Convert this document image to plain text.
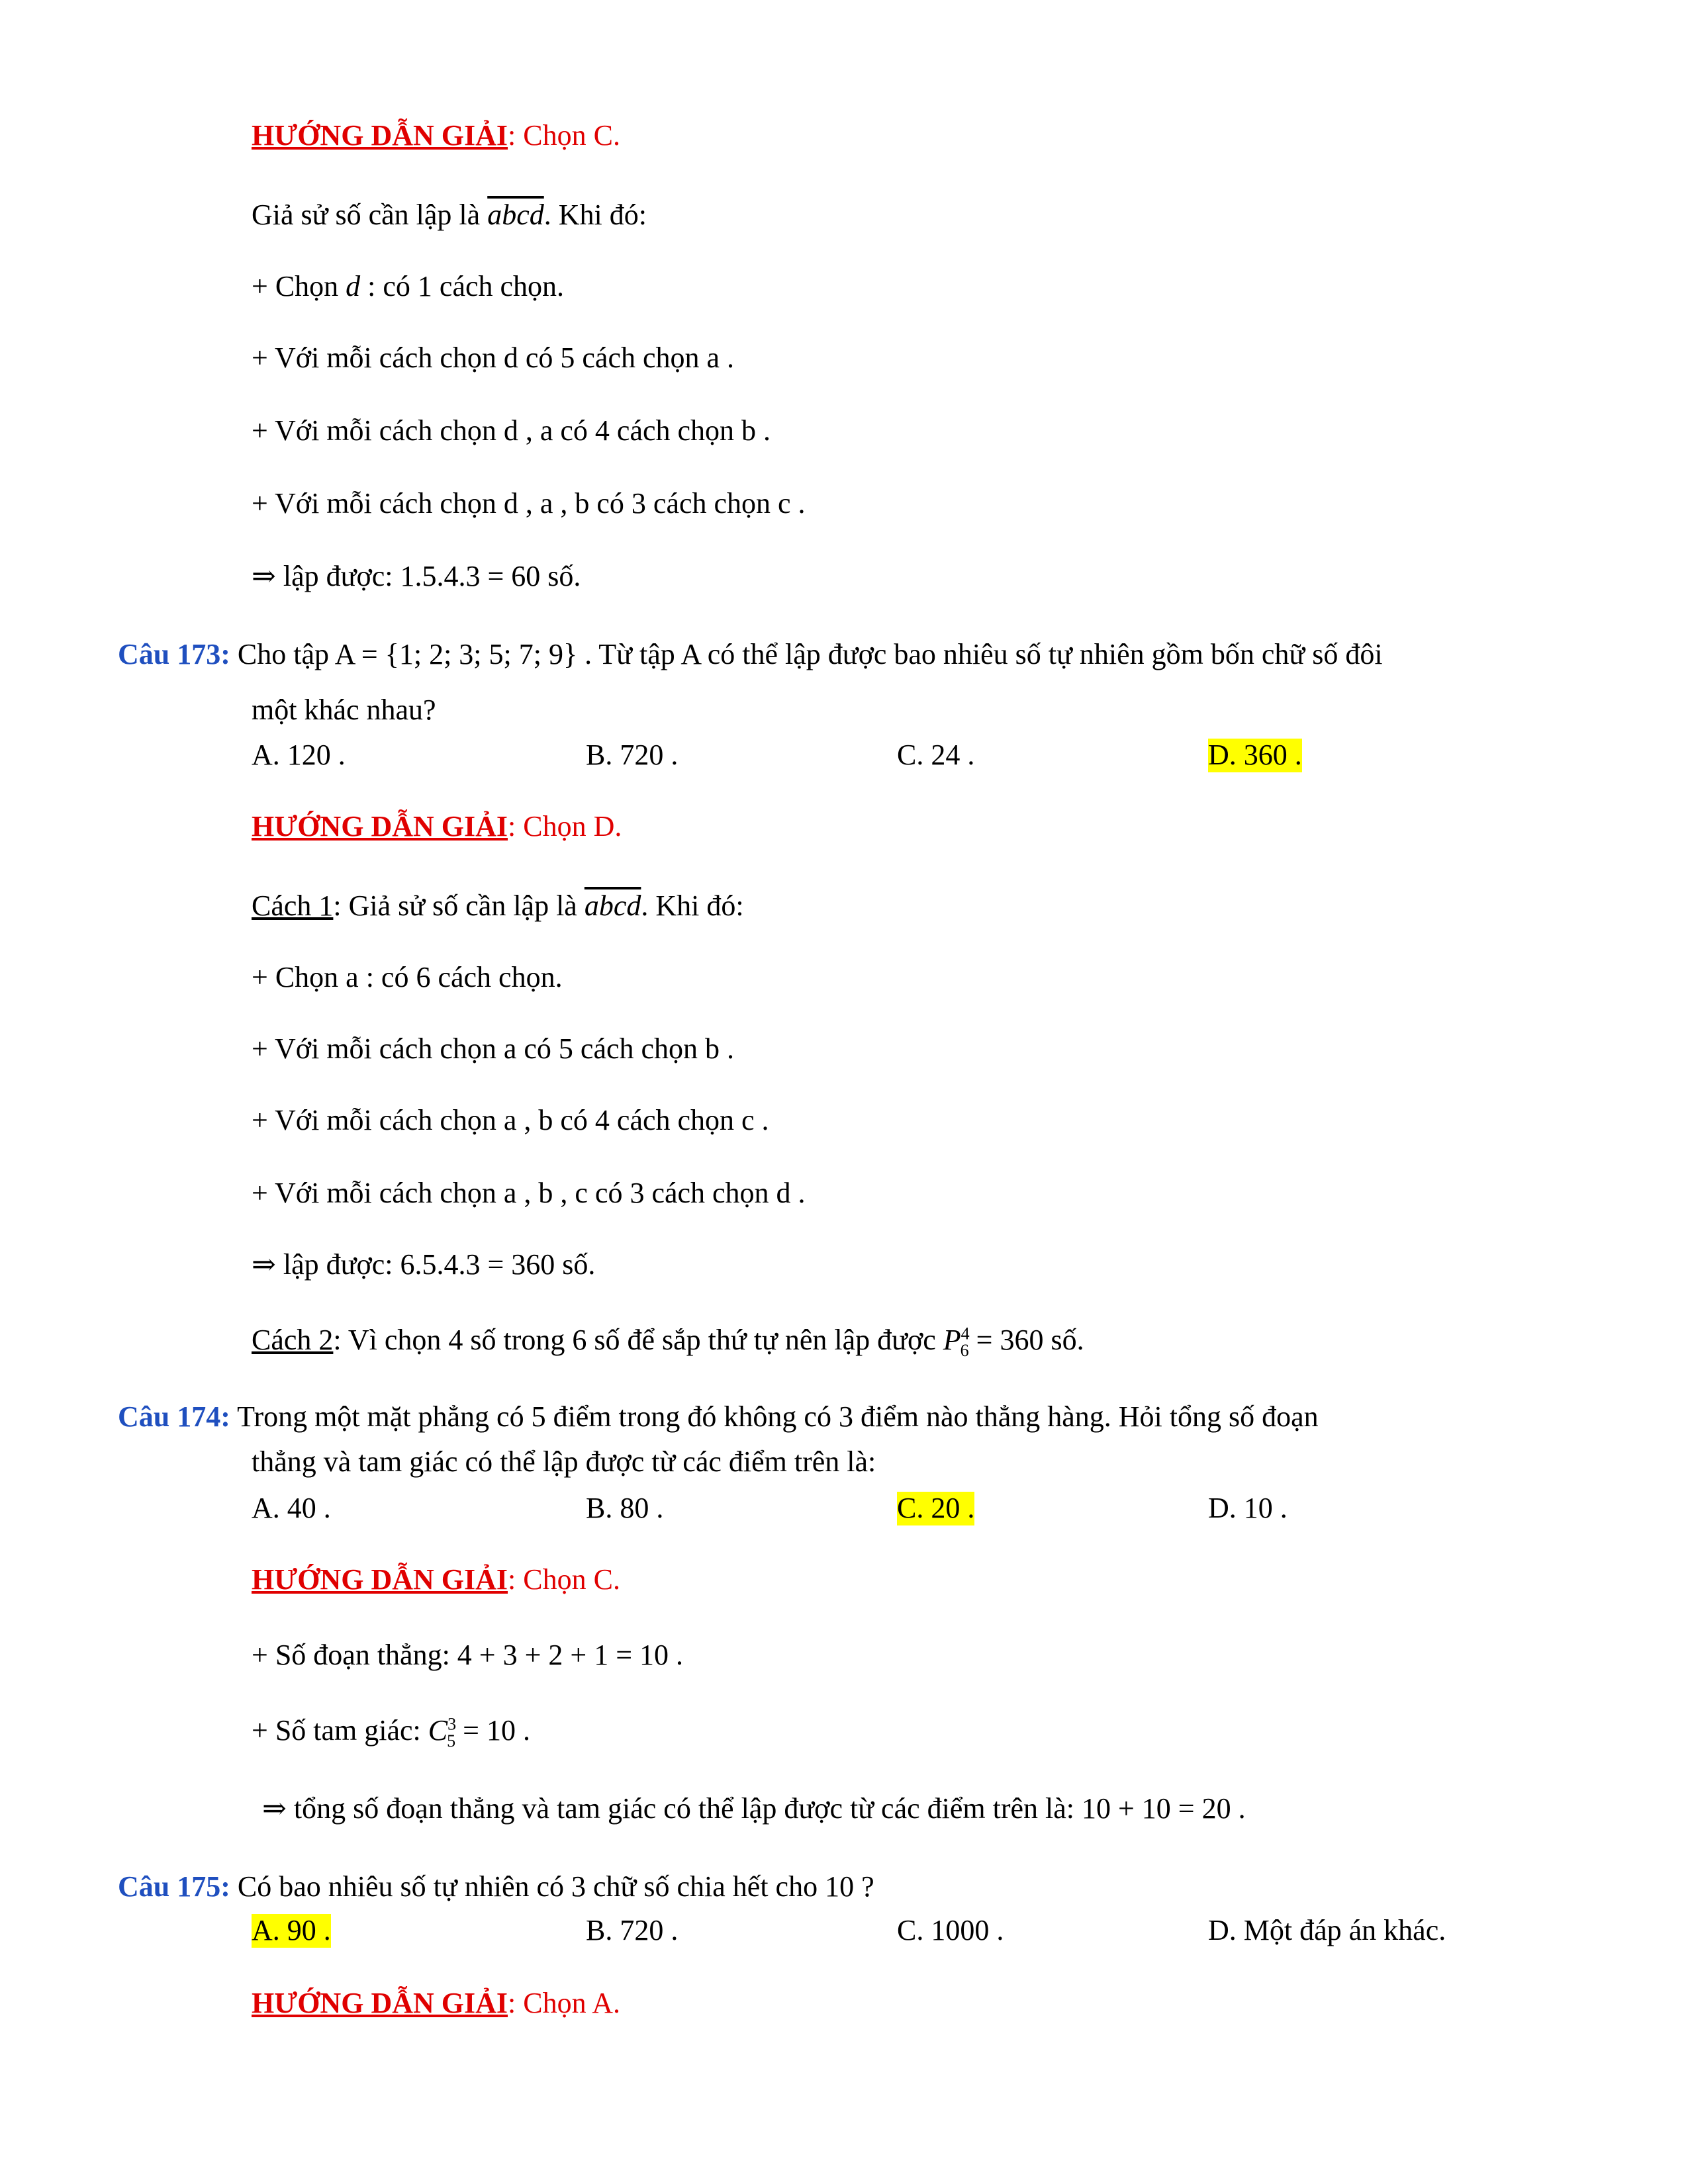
HƯỚNG DẪN GIẢI: Chọn C.
Giả sử số cần lập là abcd. Khi đó:
+ Chọn d : có 1 cách chọn.
+ Với mỗi cách chọn d có 5 cách chọn a .
+ Với mỗi cách chọn d , a có 4 cách chọn b .
+ Với mỗi cách chọn d , a , b có 3 cách chọn c .
⇒ lập được: 1.5.4.3 = 60 số.
Câu 173: Cho tập A = {1; 2; 3; 5; 7; 9} . Từ tập A có thể lập được bao nhiêu số tự nhiên gồm bốn chữ số đôi
một khác nhau?
A. 120 .	B. 720 .	C. 24 .	D. 360 .
HƯỚNG DẪN GIẢI: Chọn D.
Cách 1: Giả sử số cần lập là abcd. Khi đó:
+ Chọn a : có 6 cách chọn.
+ Với mỗi cách chọn a có 5 cách chọn b .
+ Với mỗi cách chọn a , b có 4 cách chọn c .
+ Với mỗi cách chọn a , b , c có 3 cách chọn d .
⇒ lập được: 6.5.4.3 = 360 số.
Cách 2: Vì chọn 4 số trong 6 số để sắp thứ tự nên lập được $P^4_6 = 360$ số.
Câu 174: Trong một mặt phẳng có 5 điểm trong đó không có 3 điểm nào thẳng hàng. Hỏi tổng số đoạn
thẳng và tam giác có thể lập được từ các điểm trên là:
A. 40 .	B. 80 .	C. 20 .	D. 10 .
HƯỚNG DẪN GIẢI: Chọn C.
+ Số đoạn thẳng: 4 + 3 + 2 + 1 = 10 .
+ Số tam giác: $C^3_5 = 10$ .
⇒ tổng số đoạn thẳng và tam giác có thể lập được từ các điểm trên là: 10 + 10 = 20 .
Câu 175: Có bao nhiêu số tự nhiên có 3 chữ số chia hết cho 10 ?
A. 90 .	B. 720 .	C. 1000 .	D. Một đáp án khác.
HƯỚNG DẪN GIẢI: Chọn A.
